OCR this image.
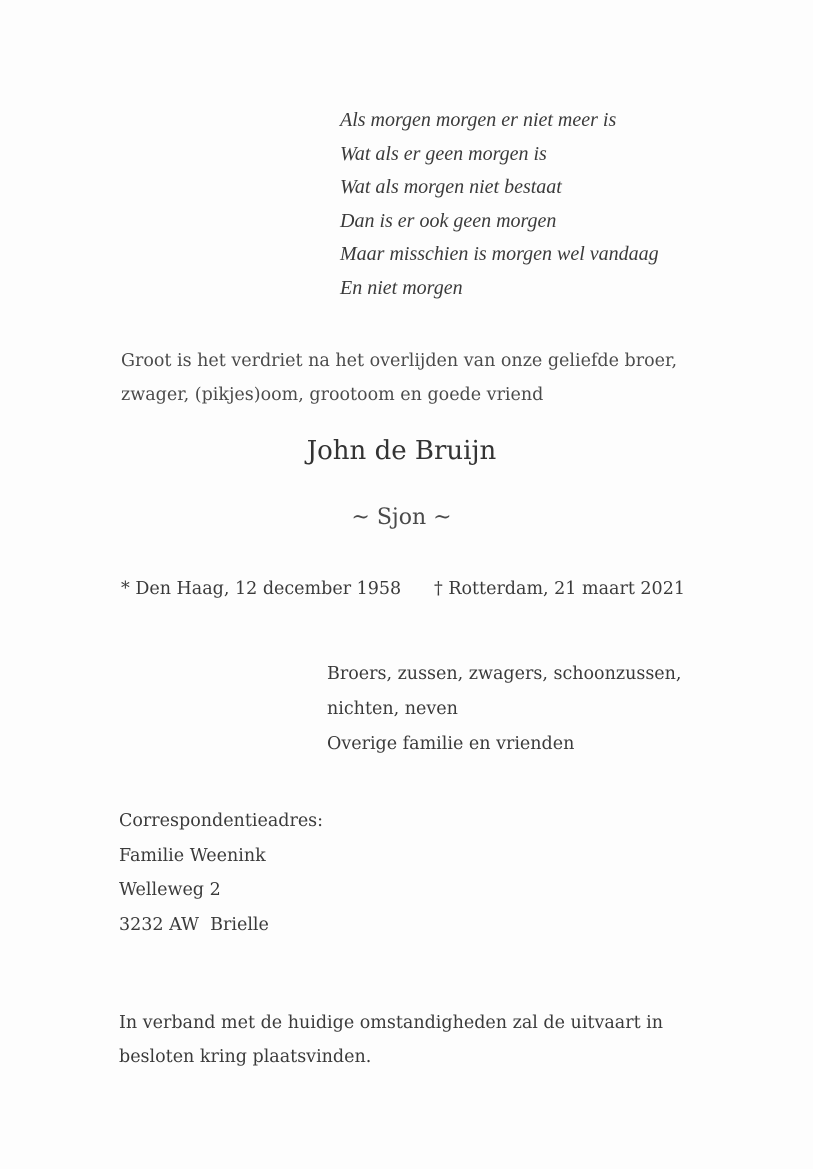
Als morgen morgen er niet meer is
Wat als er geen morgen is
Wat als morgen niet bestaat
Dan is er ook geen morgen
Maar misschien is morgen wel vandaag
En niet morgen
Groot is het verdriet na het overlijden van onze geliefde broer,
zwager, (pikjes)oom, grootoom en goede vriend
John de Bruijn
~ Sjon ~
* Den Haag, 12 december 1958 † Rotterdam, 21 maart 2021
Broers, zussen, zwagers, schoonzussen,
nichten, neven
Overige familie en vrienden
Correspondentieadres:
Familie Weenink
Welleweg 2
3232 AW  Brielle
In verband met de huidige omstandigheden zal de uitvaart in
besloten kring plaatsvinden.
